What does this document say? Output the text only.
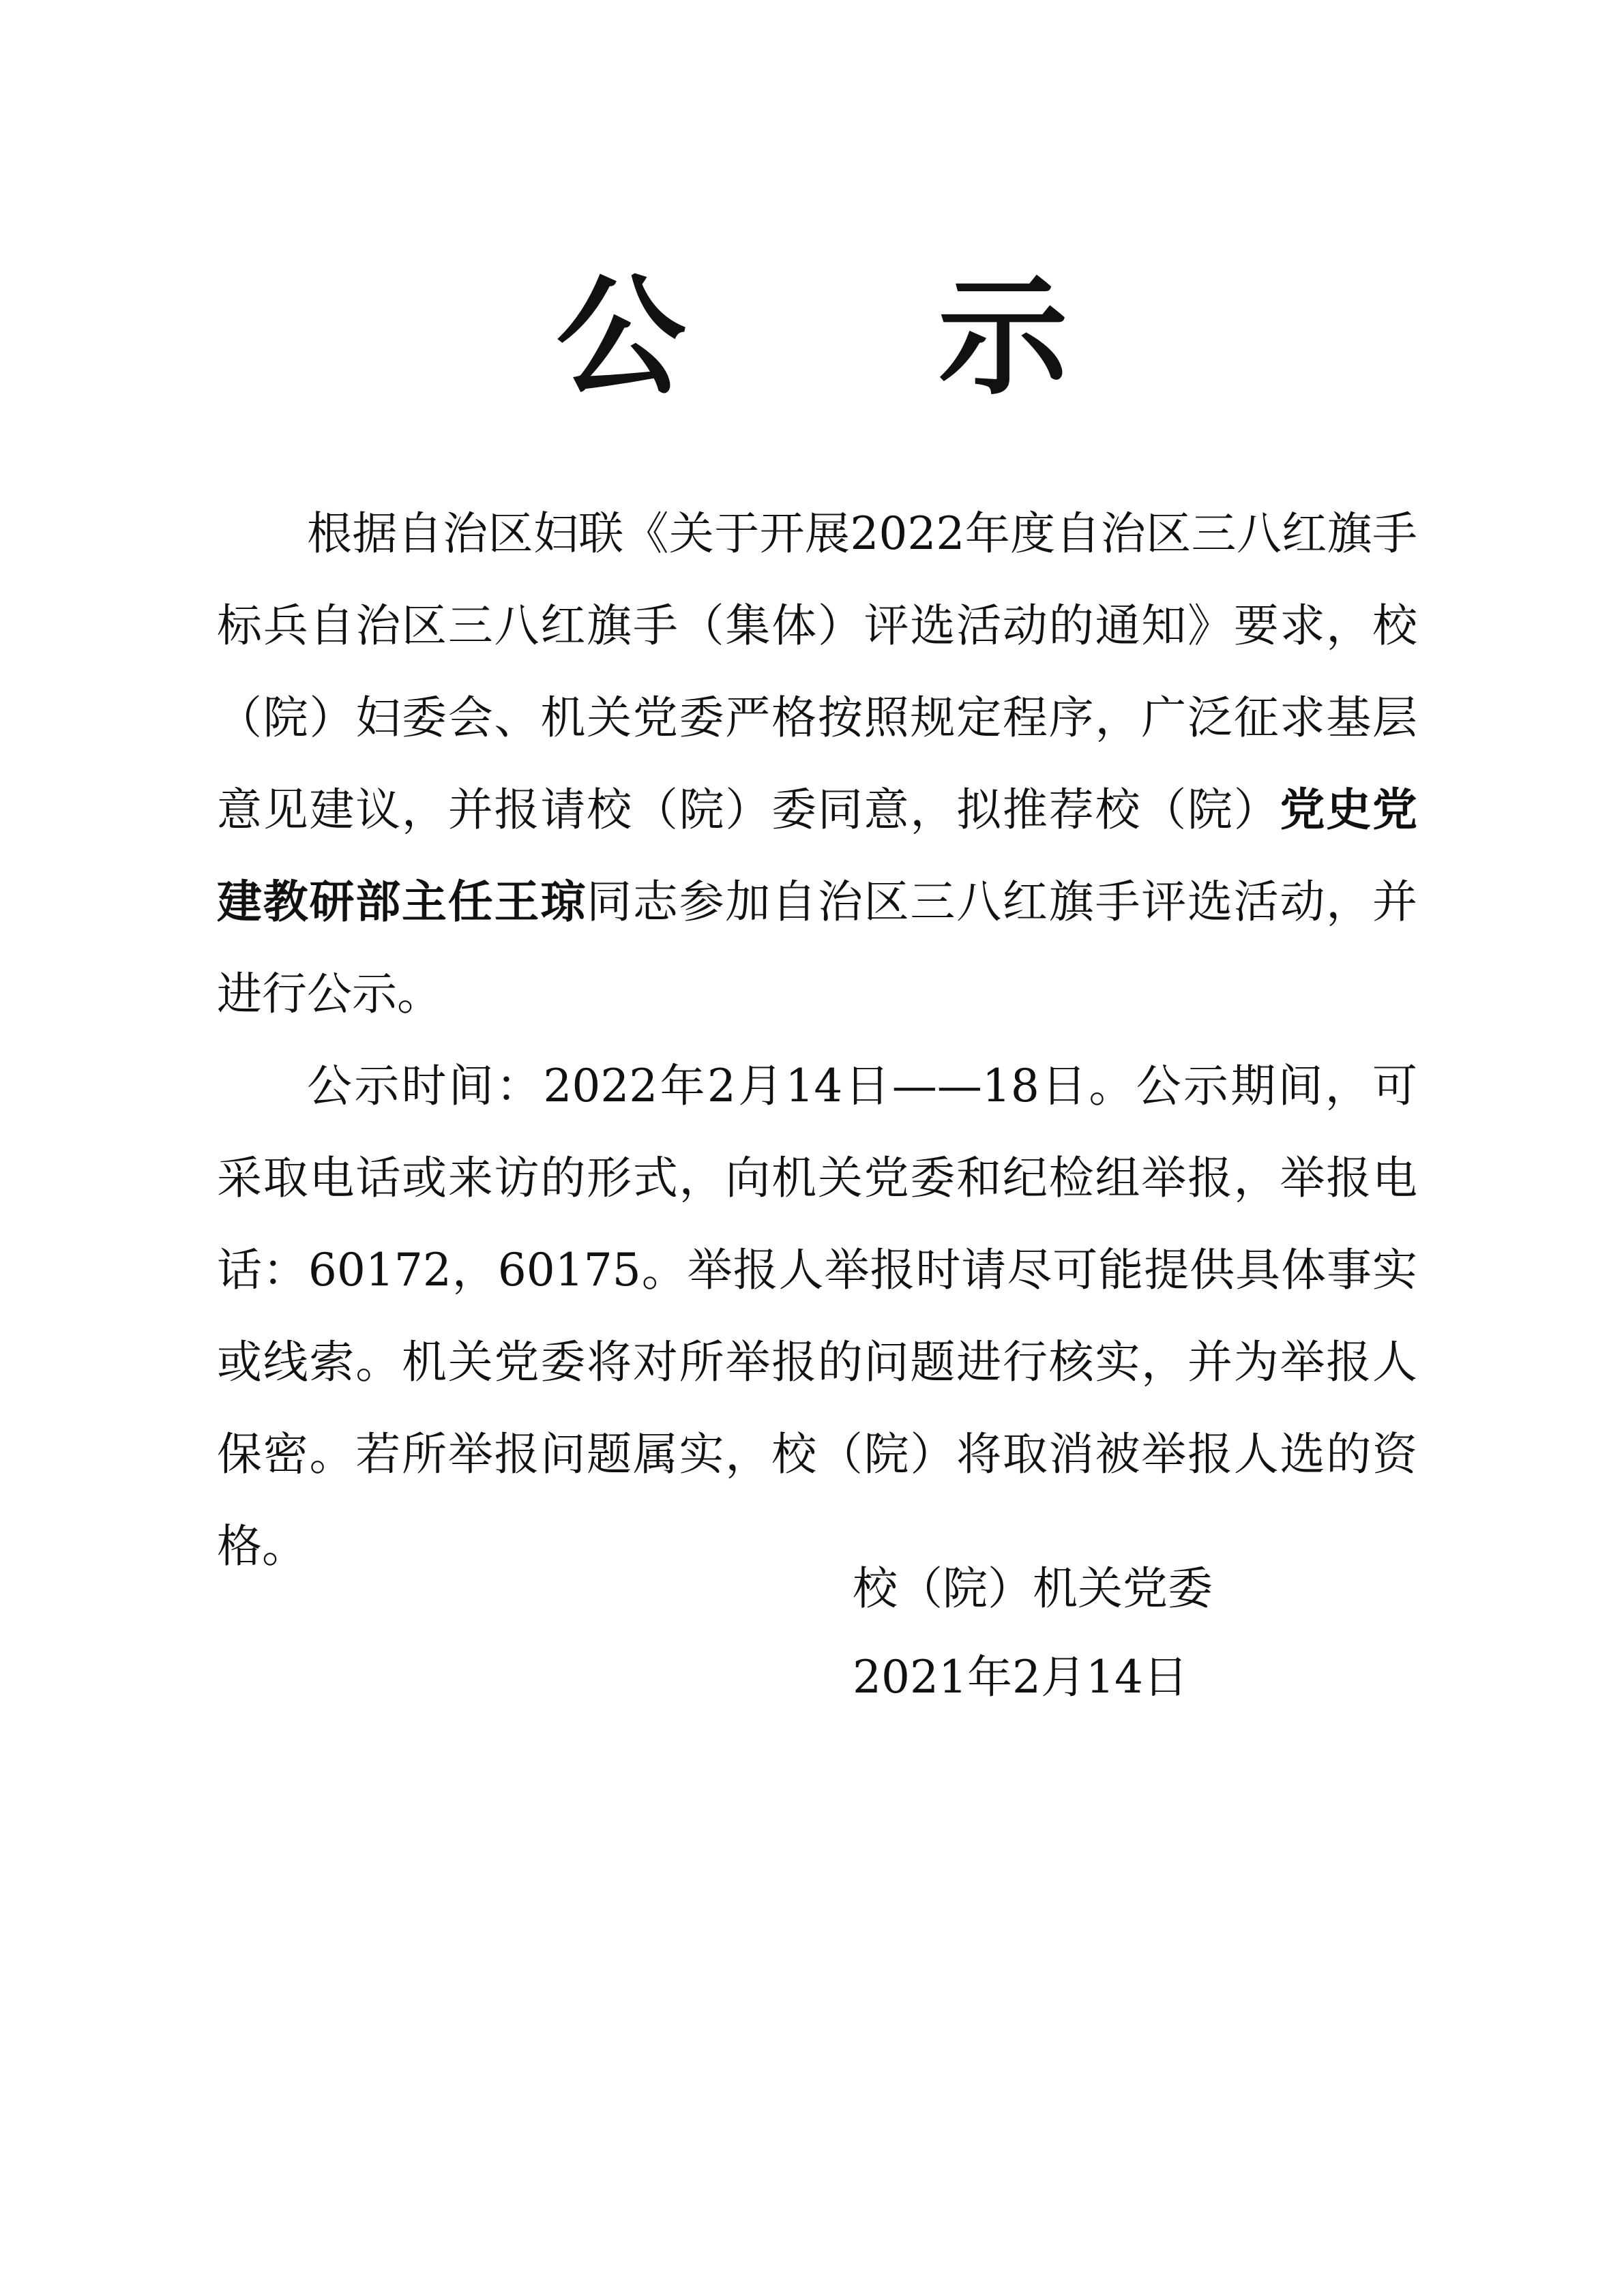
公 示

根据自治区妇联《关于开展2022年度自治区三八红旗手标兵自治区三八红旗手（集体）评选活动的通知》要求，校（院）妇委会、机关党委严格按照规定程序，广泛征求基层意见建议，并报请校（院）委同意，拟推荐校（院）党史党建教研部主任王琼同志参加自治区三八红旗手评选活动，并进行公示。

公示时间：2022年2月14日——18日。公示期间，可采取电话或来访的形式，向机关党委和纪检组举报，举报电话：60172，60175。举报人举报时请尽可能提供具体事实或线索。机关党委将对所举报的问题进行核实，并为举报人保密。若所举报问题属实，校（院）将取消被举报人选的资格。

校（院）机关党委
2021年2月14日
